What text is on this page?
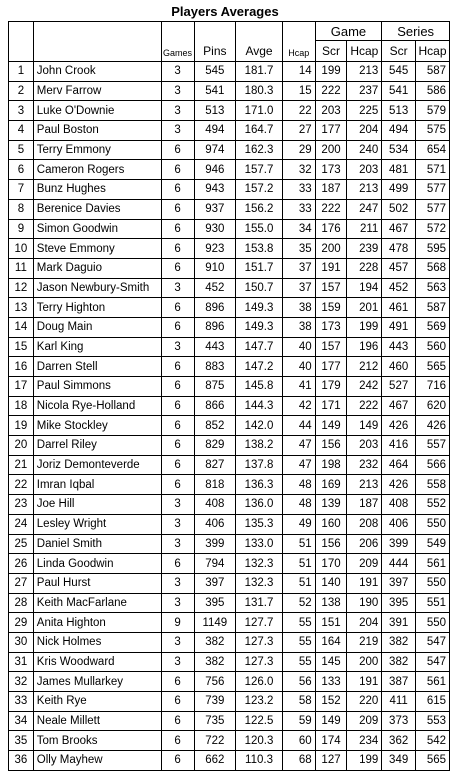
Players Averages
		Games	Pins	Avge	Hcap	Game		Series	
						Scr	Hcap	Scr	Hcap
1	John Crook	3	545	181.7	14	199	213	545	587
2	Merv Farrow	3	541	180.3	15	222	237	541	586
3	Luke O'Downie	3	513	171.0	22	203	225	513	579
4	Paul Boston	3	494	164.7	27	177	204	494	575
5	Terry Emmony	6	974	162.3	29	200	240	534	654
6	Cameron Rogers	6	946	157.7	32	173	203	481	571
7	Bunz Hughes	6	943	157.2	33	187	213	499	577
8	Berenice Davies	6	937	156.2	33	222	247	502	577
9	Simon Goodwin	6	930	155.0	34	176	211	467	572
10	Steve Emmony	6	923	153.8	35	200	239	478	595
11	Mark Daguio	6	910	151.7	37	191	228	457	568
12	Jason Newbury-Smith	3	452	150.7	37	157	194	452	563
13	Terry Highton	6	896	149.3	38	159	201	461	587
14	Doug Main	6	896	149.3	38	173	199	491	569
15	Karl King	3	443	147.7	40	157	196	443	560
16	Darren Stell	6	883	147.2	40	177	212	460	565
17	Paul Simmons	6	875	145.8	41	179	242	527	716
18	Nicola Rye-Holland	6	866	144.3	42	171	222	467	620
19	Mike Stockley	6	852	142.0	44	149	149	426	426
20	Darrel Riley	6	829	138.2	47	156	203	416	557
21	Joriz Demonteverde	6	827	137.8	47	198	232	464	566
22	Imran Iqbal	6	818	136.3	48	169	213	426	558
23	Joe Hill	3	408	136.0	48	139	187	408	552
24	Lesley Wright	3	406	135.3	49	160	208	406	550
25	Daniel Smith	3	399	133.0	51	156	206	399	549
26	Linda Goodwin	6	794	132.3	51	170	209	444	561
27	Paul Hurst	3	397	132.3	51	140	191	397	550
28	Keith MacFarlane	3	395	131.7	52	138	190	395	551
29	Anita Highton	9	1149	127.7	55	151	204	391	550
30	Nick Holmes	3	382	127.3	55	164	219	382	547
31	Kris Woodward	3	382	127.3	55	145	200	382	547
32	James Mullarkey	6	756	126.0	56	133	191	387	561
33	Keith Rye	6	739	123.2	58	152	220	411	615
34	Neale Millett	6	735	122.5	59	149	209	373	553
35	Tom Brooks	6	722	120.3	60	174	234	362	542
36	Olly Mayhew	6	662	110.3	68	127	199	349	565
